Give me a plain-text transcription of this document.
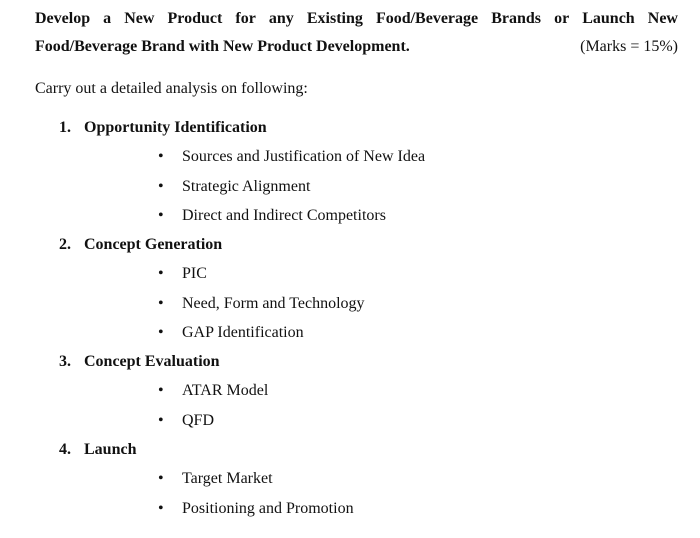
Develop a New Product for any Existing Food/Beverage Brands or Launch New
Food/Beverage Brand with New Product Development.	(Marks = 15%)
Carry out a detailed analysis on following:
1. Opportunity Identification
• Sources and Justification of New Idea
• Strategic Alignment
• Direct and Indirect Competitors
2. Concept Generation
• PIC
• Need, Form and Technology
• GAP Identification
3. Concept Evaluation
• ATAR Model
• QFD
4. Launch
• Target Market
• Positioning and Promotion
